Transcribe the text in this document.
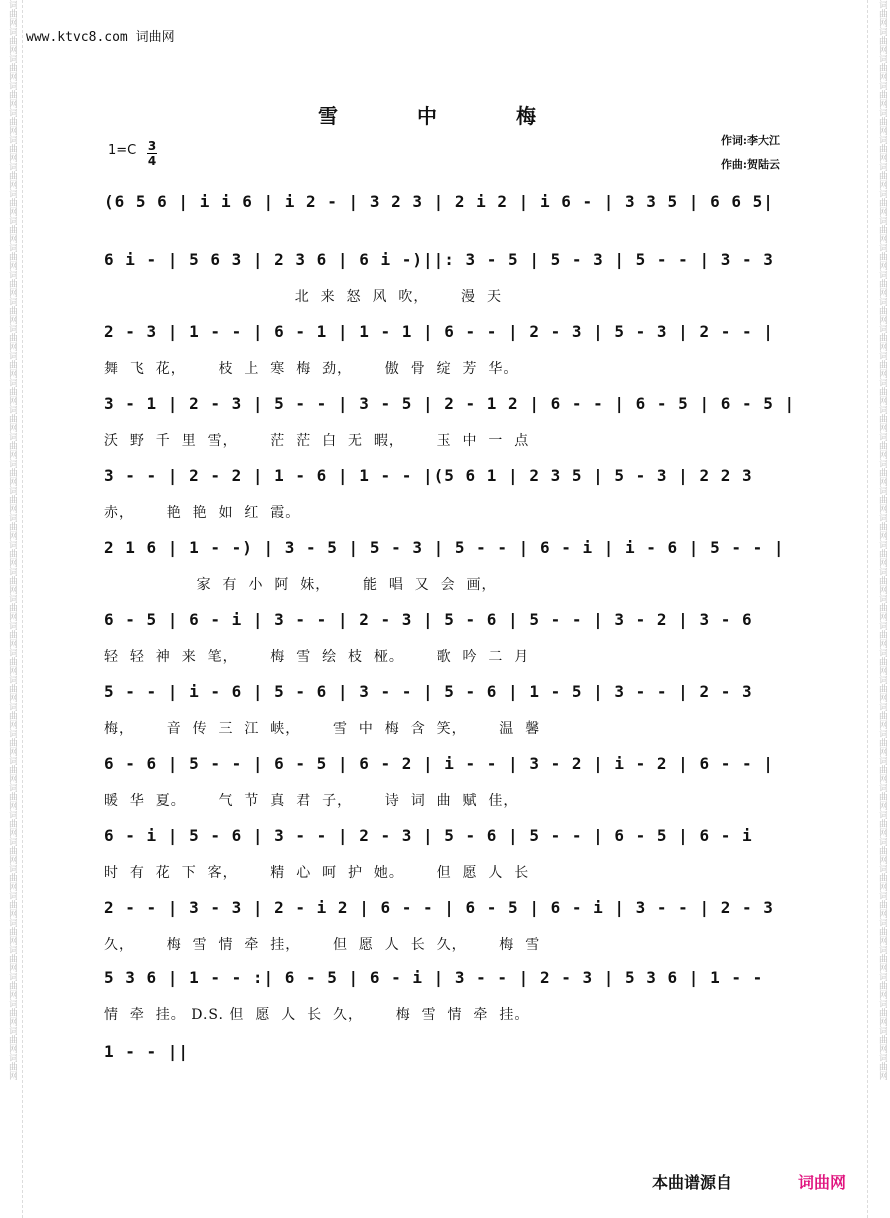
词曲网词曲网词曲网词曲网词曲网词曲网词曲网词曲网词曲网词曲网词曲网词曲网词曲网词曲网词曲网词曲网词曲网词曲网词曲网词曲网词曲网词曲网词曲网词曲网词曲网词曲网词曲网词曲网词曲网词曲网词曲网词曲网词曲网词曲网词曲网词曲网词曲网词曲网词曲网词曲网	词曲网词曲网词曲网词曲网词曲网词曲网词曲网词曲网词曲网词曲网词曲网词曲网词曲网词曲网词曲网词曲网词曲网词曲网词曲网词曲网词曲网词曲网词曲网词曲网词曲网词曲网词曲网词曲网词曲网词曲网词曲网词曲网词曲网词曲网词曲网词曲网词曲网词曲网词曲网词曲网
www.ktvc8.com 词曲网
雪 中 梅
1=C 3
4
作词:李大江
作曲:贺陆云
(6 5 6 | i i 6 | i 2 - | 3 2 3 | 2 i 2 | i 6 - | 3 3 5 | 6 6 5|
6 i - | 5 6 3 | 2 3 6 | 6 i -)||: 3 - 5 | 5 - 3 | 5 - - | 3 - 3
北  来  怒  风  吹，      漫  天
2 - 3 | 1 - - | 6 - 1 | 1 - 1 | 6 - - | 2 - 3 | 5 - 3 | 2 - - |
舞  飞  花，      枝  上  寒  梅  劲，      傲  骨  绽  芳  华。
3 - 1 | 2 - 3 | 5 - - | 3 - 5 | 2 - 1 2 | 6 - - | 6 - 5 | 6 - 5 |
沃  野  千  里  雪，      茫  茫  白  无  暇，      玉  中  一  点
3 - - | 2 - 2 | 1 - 6 | 1 - - |(5 6 1 | 2 3 5 | 5 - 3 | 2 2 3
赤，      艳  艳  如  红  霞。
2 1 6 | 1 - -) | 3 - 5 | 5 - 3 | 5 - - | 6 - i | i - 6 | 5 - - |
家  有  小  阿  妹，      能  唱  又  会  画，
6 - 5 | 6 - i | 3 - - | 2 - 3 | 5 - 6 | 5 - - | 3 - 2 | 3 - 6
轻  轻  神  来  笔，      梅  雪  绘  枝  桠。      歌  吟  二  月
5 - - | i - 6 | 5 - 6 | 3 - - | 5 - 6 | 1 - 5 | 3 - - | 2 - 3
梅，      音  传  三  江  峡，      雪  中  梅  含  笑，      温  馨
6 - 6 | 5 - - | 6 - 5 | 6 - 2 | i - - | 3 - 2 | i - 2 | 6 - - |
暖  华  夏。      气  节  真  君  子，      诗  词  曲  赋  佳，
6 - i | 5 - 6 | 3 - - | 2 - 3 | 5 - 6 | 5 - - | 6 - 5 | 6 - i
时  有  花  下  客，      精  心  呵  护  她。      但  愿  人  长
2 - - | 3 - 3 | 2 - i 2 | 6 - - | 6 - 5 | 6 - i | 3 - - | 2 - 3
久，      梅  雪  情  牵  挂，      但  愿  人  长  久，      梅  雪
5 3 6 | 1 - - :| 6 - 5 | 6 - i | 3 - - | 2 - 3 | 5 3 6 | 1 - -
情  牵  挂。 D.S. 但  愿  人  长  久，      梅  雪  情  牵  挂。
1 - - ||
本曲谱源自	词曲网
